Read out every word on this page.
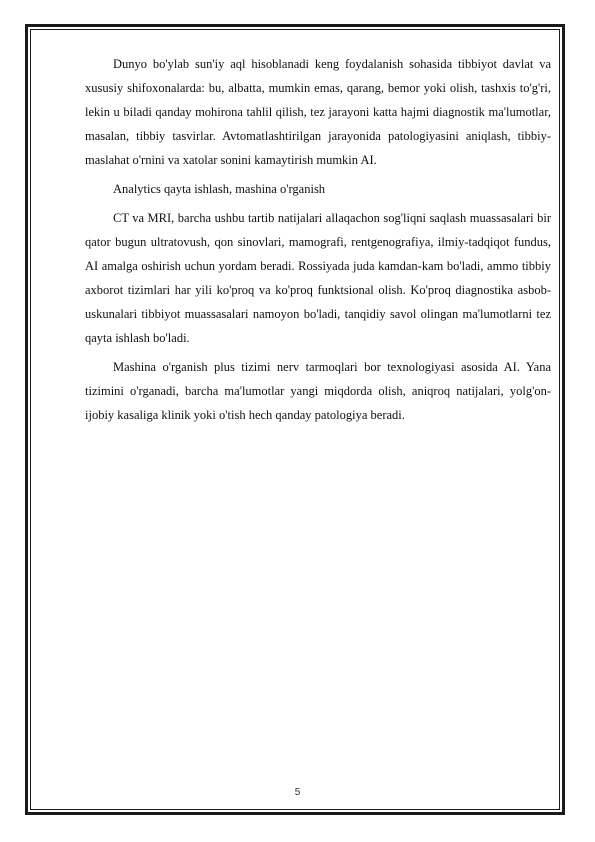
Dunyo bo'ylab sun'iy aql hisoblanadi keng foydalanish sohasida tibbiyot davlat va xususiy shifoxonalarda: bu, albatta, mumkin emas, qarang, bemor yoki olish, tashxis to'g'ri, lekin u biladi qanday mohirona tahlil qilish, tez jarayoni katta hajmi diagnostik ma'lumotlar, masalan, tibbiy tasvirlar. Avtomatlashtirilgan jarayonida patologiyasini aniqlash, tibbiy-maslahat o'rnini va xatolar sonini kamaytirish mumkin AI.

Analytics qayta ishlash, mashina o'rganish

CT va MRI, barcha ushbu tartib natijalari allaqachon sog'liqni saqlash muassasalari bir qator bugun ultratovush, qon sinovlari, mamografi, rentgenografiya, ilmiy-tadqiqot fundus, AI amalga oshirish uchun yordam beradi. Rossiyada juda kamdan-kam bo'ladi, ammo tibbiy axborot tizimlari har yili ko'proq va ko'proq funktsional olish. Ko'proq diagnostika asbob-uskunalari tibbiyot muassasalari namoyon bo'ladi, tanqidiy savol olingan ma'lumotlarni tez qayta ishlash bo'ladi.

Mashina o'rganish plus tizimi nerv tarmoqlari bor texnologiyasi asosida AI. Yana tizimini o'rganadi, barcha ma'lumotlar yangi miqdorda olish, aniqroq natijalari, yolg'on-ijobiy kasaliga klinik yoki o'tish hech qanday patologiya beradi.

5
